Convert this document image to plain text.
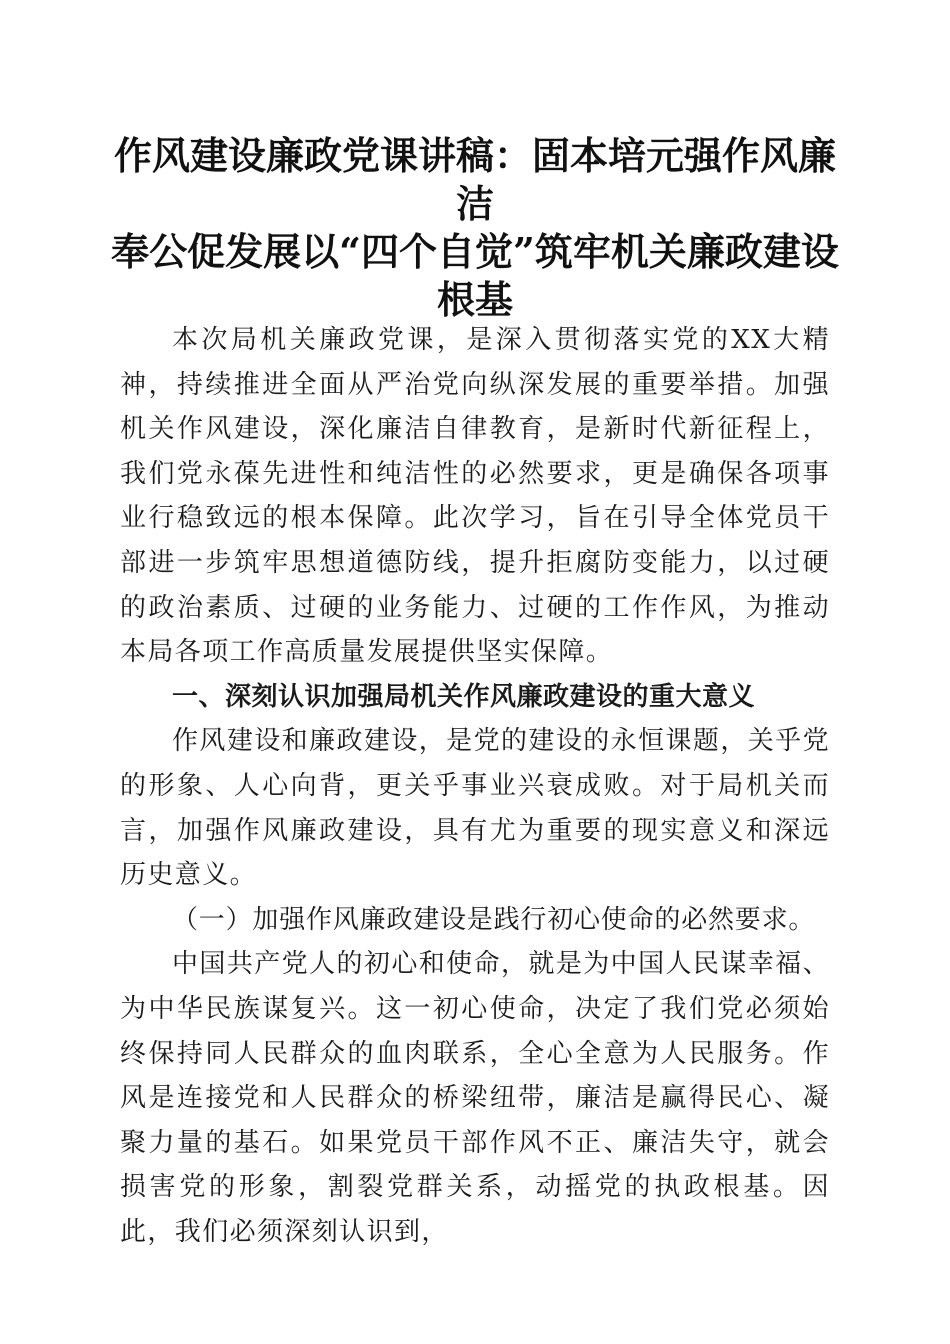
作风建设廉政党课讲稿：固本培元强作风廉洁
奉公促发展以“四个自觉”筑牢机关廉政建设
根基

本次局机关廉政党课，是深入贯彻落实党的XX大精神，持续推进全面从严治党向纵深发展的重要举措。加强机关作风建设，深化廉洁自律教育，是新时代新征程上，我们党永葆先进性和纯洁性的必然要求，更是确保各项事业行稳致远的根本保障。此次学习，旨在引导全体党员干部进一步筑牢思想道德防线，提升拒腐防变能力，以过硬的政治素质、过硬的业务能力、过硬的工作作风，为推动本局各项工作高质量发展提供坚实保障。

一、深刻认识加强局机关作风廉政建设的重大意义

作风建设和廉政建设，是党的建设的永恒课题，关乎党的形象、人心向背，更关乎事业兴衰成败。对于局机关而言，加强作风廉政建设，具有尤为重要的现实意义和深远历史意义。

（一）加强作风廉政建设是践行初心使命的必然要求。

中国共产党人的初心和使命，就是为中国人民谋幸福、为中华民族谋复兴。这一初心使命，决定了我们党必须始终保持同人民群众的血肉联系，全心全意为人民服务。作风是连接党和人民群众的桥梁纽带，廉洁是赢得民心、凝聚力量的基石。如果党员干部作风不正、廉洁失守，就会损害党的形象，割裂党群关系，动摇党的执政根基。因此，我们必须深刻认识到，
